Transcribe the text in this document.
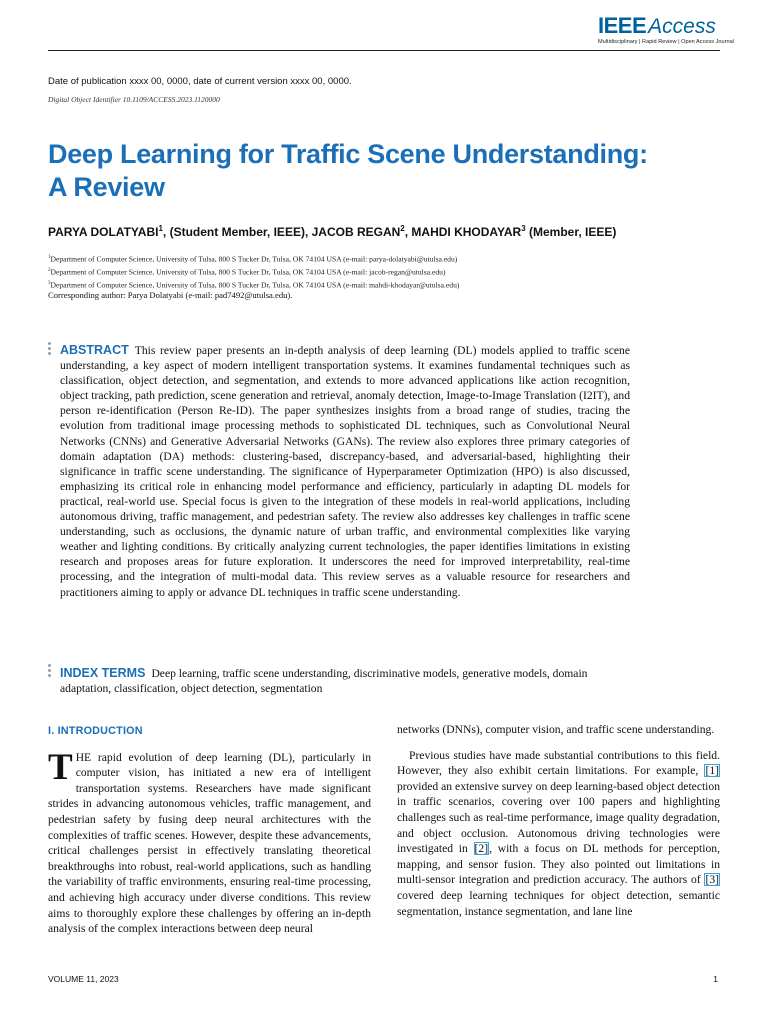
IEEE Access
Multidisciplinary | Rapid Review | Open Access Journal
Date of publication xxxx 00, 0000, date of current version xxxx 00, 0000.
Digital Object Identifier 10.1109/ACCESS.2023.1120000
Deep Learning for Traffic Scene Understanding: A Review
PARYA DOLATYABI$^1$, (Student Member, IEEE), JACOB REGAN$^2$, MAHDI KHODAYAR$^3$ (Member, IEEE)
$^1$Department of Computer Science, University of Tulsa, 800 S Tucker Dr, Tulsa, OK 74104 USA (e-mail: parya-dolatyabi@utulsa.edu)
$^2$Department of Computer Science, University of Tulsa, 800 S Tucker Dr, Tulsa, OK 74104 USA (e-mail: jacob-regan@utulsa.edu)
$^3$Department of Computer Science, University of Tulsa, 800 S Tucker Dr, Tulsa, OK 74104 USA (e-mail: mahdi-khodayar@utulsa.edu)
Corresponding author: Parya Dolatyabi (e-mail: pad7492@utulsa.edu).

ABSTRACT This review paper presents an in-depth analysis of deep learning (DL) models applied to traffic scene understanding, a key aspect of modern intelligent transportation systems. It examines fundamental techniques such as classification, object detection, and segmentation, and extends to more advanced applications like action recognition, object tracking, path prediction, scene generation and retrieval, anomaly detection, Image-to-Image Translation (I2IT), and person re-identification (Person Re-ID). The paper synthesizes insights from a broad range of studies, tracing the evolution from traditional image processing methods to sophisticated DL techniques, such as Convolutional Neural Networks (CNNs) and Generative Adversarial Networks (GANs). The review also explores three primary categories of domain adaptation (DA) methods: clustering-based, discrepancy-based, and adversarial-based, highlighting their significance in traffic scene understanding. The significance of Hyperparameter Optimization (HPO) is also discussed, emphasizing its critical role in enhancing model performance and efficiency, particularly in adapting DL models for practical, real-world use. Special focus is given to the integration of these models in real-world applications, including autonomous driving, traffic management, and pedestrian safety. The review also addresses key challenges in traffic scene understanding, such as occlusions, the dynamic nature of urban traffic, and environmental complexities like varying weather and lighting conditions. By critically analyzing current technologies, the paper identifies limitations in existing research and proposes areas for future exploration. It underscores the need for improved interpretability, real-time processing, and the integration of multi-modal data. This review serves as a valuable resource for researchers and practitioners aiming to apply or advance DL techniques in traffic scene understanding.

INDEX TERMS Deep learning, traffic scene understanding, discriminative models, generative models, domain adaptation, classification, object detection, segmentation

I. INTRODUCTION

THE rapid evolution of deep learning (DL), particularly in computer vision, has initiated a new era of intelligent transportation systems. Researchers have made significant strides in advancing autonomous vehicles, traffic management, and pedestrian safety by fusing deep neural architectures with the complexities of traffic scenes. However, despite these advancements, critical challenges persist in effectively translating theoretical breakthroughs into robust, real-world applications, such as handling the variability of traffic environments, ensuring real-time processing, and achieving high accuracy under diverse conditions. This review aims to thoroughly explore these challenges by offering an in-depth analysis of the complex interactions between deep neural

networks (DNNs), computer vision, and traffic scene understanding.

Previous studies have made substantial contributions to this field. However, they also exhibit certain limitations. For example, [1] provided an extensive survey on deep learning-based object detection in traffic scenarios, covering over 100 papers and highlighting challenges such as real-time performance, image quality degradation, and object occlusion. Autonomous driving technologies were investigated in [2], with a focus on DL methods for perception, mapping, and sensor fusion. They also pointed out limitations in multi-sensor integration and prediction accuracy. The authors of [3] covered deep learning techniques for object detection, semantic segmentation, instance segmentation, and lane line

VOLUME 11, 2023	1
